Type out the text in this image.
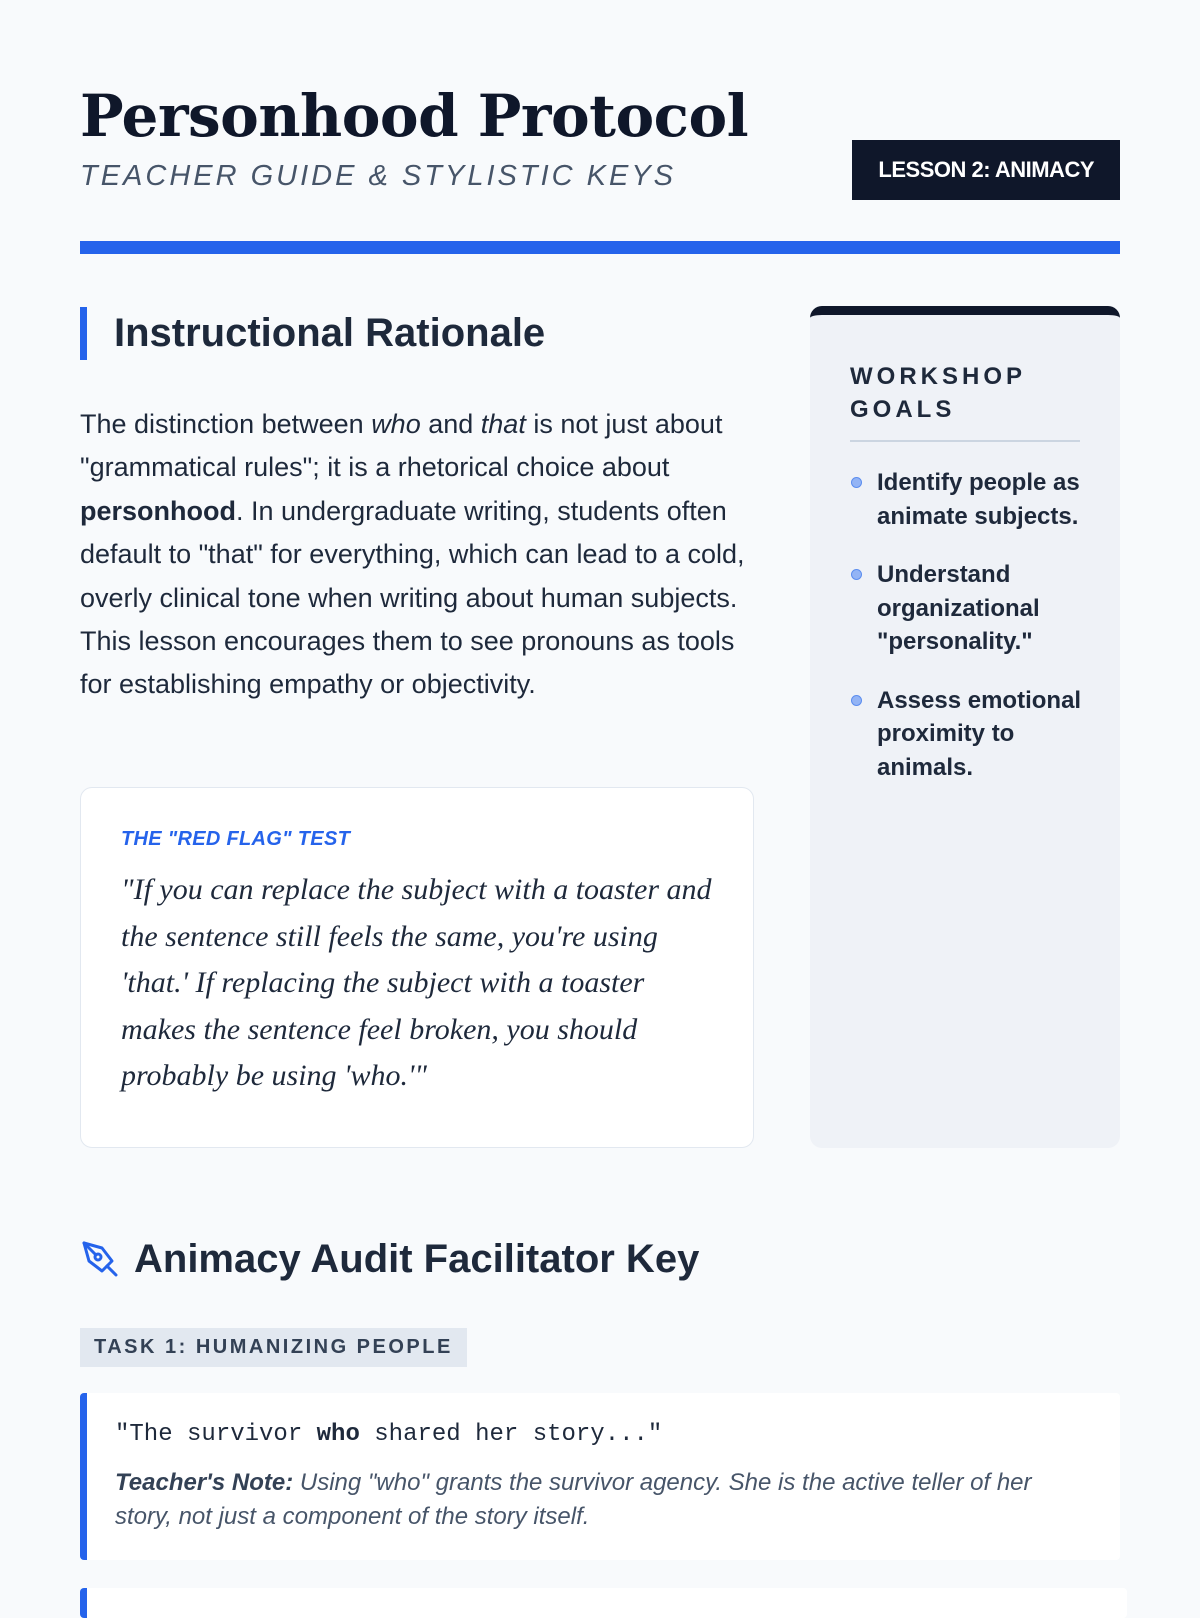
Personhood Protocol
TEACHER GUIDE & STYLISTIC KEYS	LESSON 2: ANIMACY
Instructional Rationale
The distinction between who and that is not just about "grammatical rules"; it is a rhetorical choice about personhood. In undergraduate writing, students often default to "that" for everything, which can lead to a cold, overly clinical tone when writing about human subjects. This lesson encourages them to see pronouns as tools for establishing empathy or objectivity.
THE "RED FLAG" TEST
"If you can replace the subject with a toaster and the sentence still feels the same, you're using 'that.' If replacing the subject with a toaster makes the sentence feel broken, you should probably be using 'who.'"
WORKSHOP GOALS
Identify people as animate subjects.
Understand organizational "personality."
Assess emotional proximity to animals.
Animacy Audit Facilitator Key
TASK 1: HUMANIZING PEOPLE
"The survivor who shared her story..."
Teacher's Note: Using "who" grants the survivor agency. She is the active teller of her story, not just a component of the story itself.
